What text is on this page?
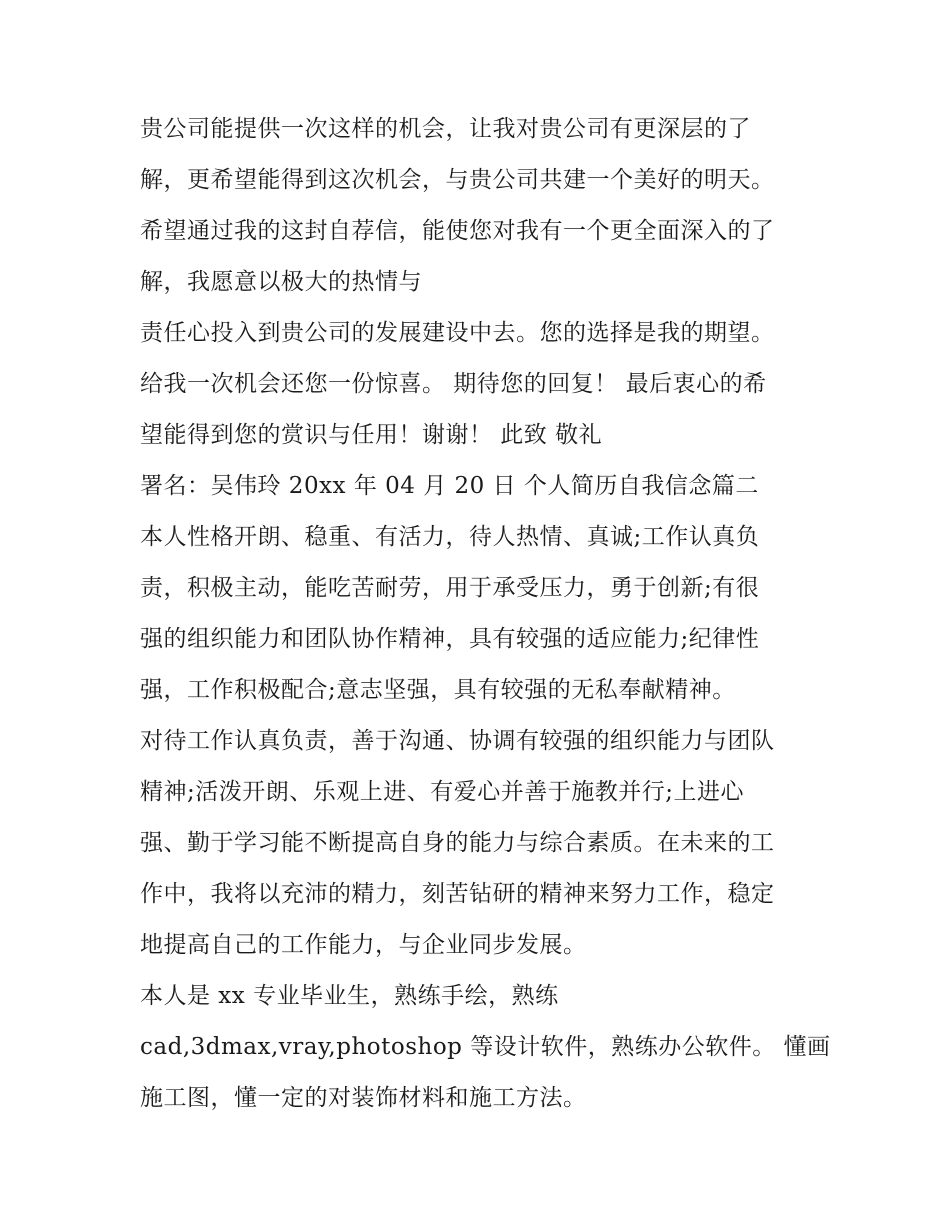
贵公司能提供一次这样的机会，让我对贵公司有更深层的了
解，更希望能得到这次机会，与贵公司共建一个美好的明天。
希望通过我的这封自荐信，能使您对我有一个更全面深入的了
解，我愿意以极大的热情与
责任心投入到贵公司的发展建设中去。您的选择是我的期望。
给我一次机会还您一份惊喜。 期待您的回复！ 最后衷心的希
望能得到您的赏识与任用！谢谢！ 此致 敬礼
署名：吴伟玲 20xx 年 04 月 20 日 个人简历自我信念篇二
本人性格开朗、稳重、有活力，待人热情、真诚;工作认真负
责，积极主动，能吃苦耐劳，用于承受压力，勇于创新;有很
强的组织能力和团队协作精神，具有较强的适应能力;纪律性
强，工作积极配合;意志坚强，具有较强的无私奉献精神。
对待工作认真负责，善于沟通、协调有较强的组织能力与团队
精神;活泼开朗、乐观上进、有爱心并善于施教并行;上进心
强、勤于学习能不断提高自身的能力与综合素质。在未来的工
作中，我将以充沛的精力，刻苦钻研的精神来努力工作，稳定
地提高自己的工作能力，与企业同步发展。
本人是 xx 专业毕业生，熟练手绘，熟练
cad,3dmax,vray,photoshop 等设计软件，熟练办公软件。 懂画
施工图，懂一定的对装饰材料和施工方法。
